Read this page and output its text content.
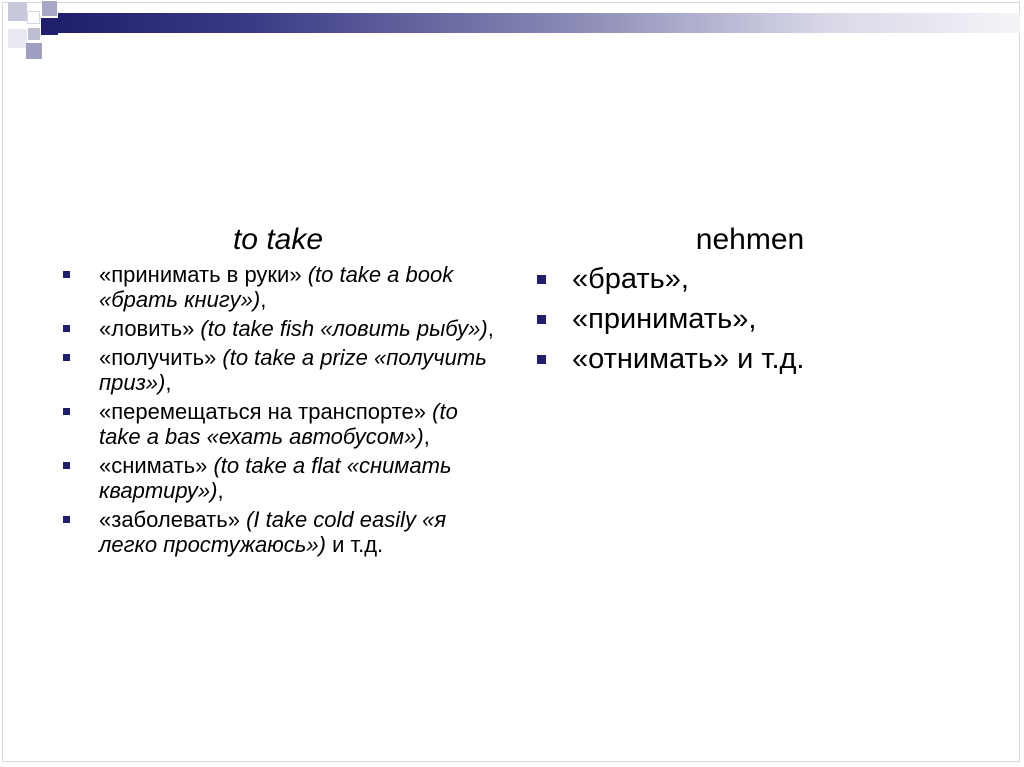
to take
«принимать в руки» (to take a book «брать книгу»),
«ловить» (to take fish «ловить рыбу»),
«получить» (to take a prize «получить приз»),
«перемещаться на транспорте» (to take a bas «ехать автобусом»),
«снимать» (to take a flat «снимать квартиру»),
«заболевать» (I take cold easily «я легко простужаюсь») и т.д.
nehmen
«брать»,
«принимать»,
«отнимать» и т.д.
